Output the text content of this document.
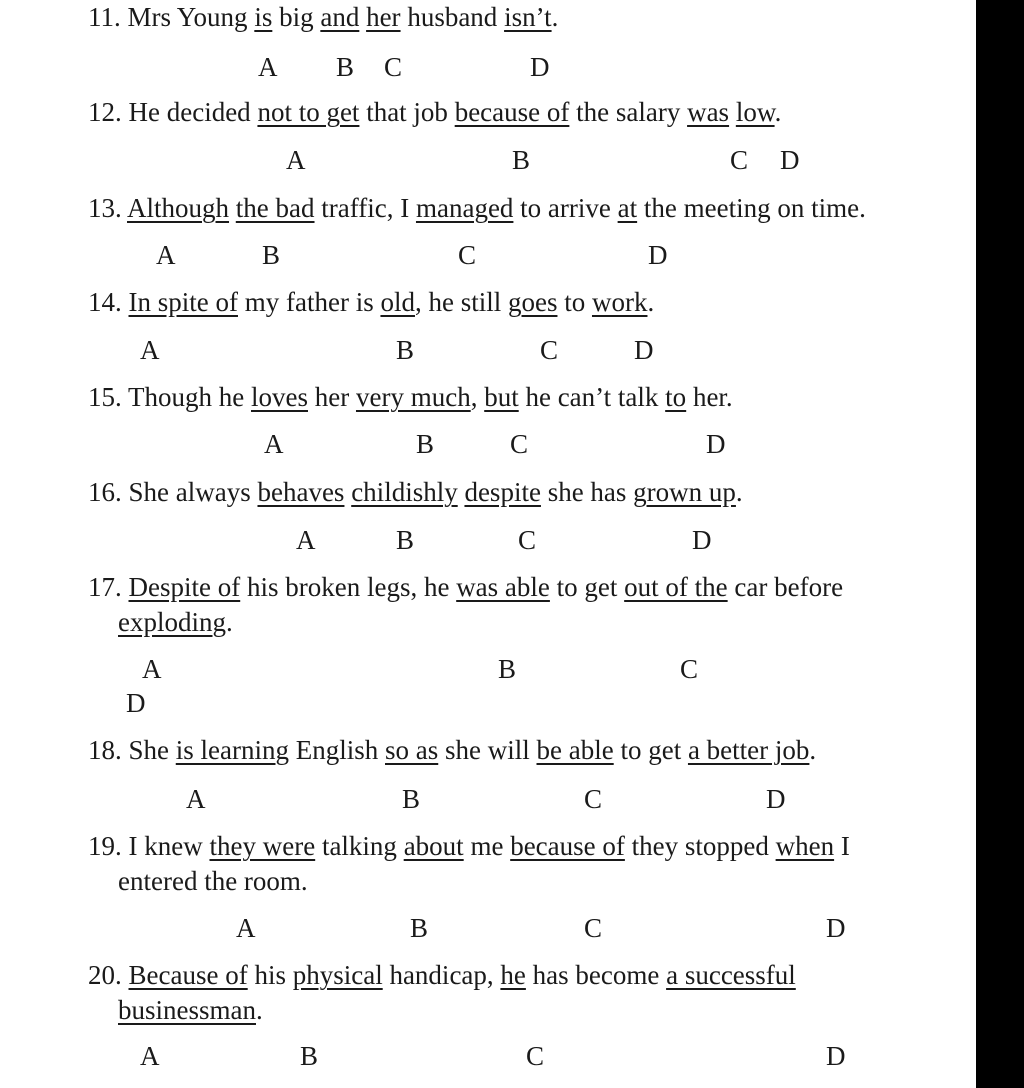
11. Mrs Young is big and her husband isn’t.
A B C	D
12. He decided not to get that job because of the salary was low.
A	B	C D
13. Although the bad traffic, I managed to arrive at the meeting on time.
A	B	C	D
14. In spite of my father is old, he still goes to work.
A	B	C	D
15. Though he loves her very much, but he can’t talk to her.
A	B	C	D
16. She always behaves childishly despite she has grown up.
A	B	C	D
17. Despite of his broken legs, he was able to get out of the car before
exploding.
A	B	C
D
18. She is learning English so as she will be able to get a better job.
A	B	C	D
19. I knew they were talking about me because of they stopped when I
entered the room.
A	B	C	D
20. Because of his physical handicap, he has become a successful
businessman.
A	B	C	D
